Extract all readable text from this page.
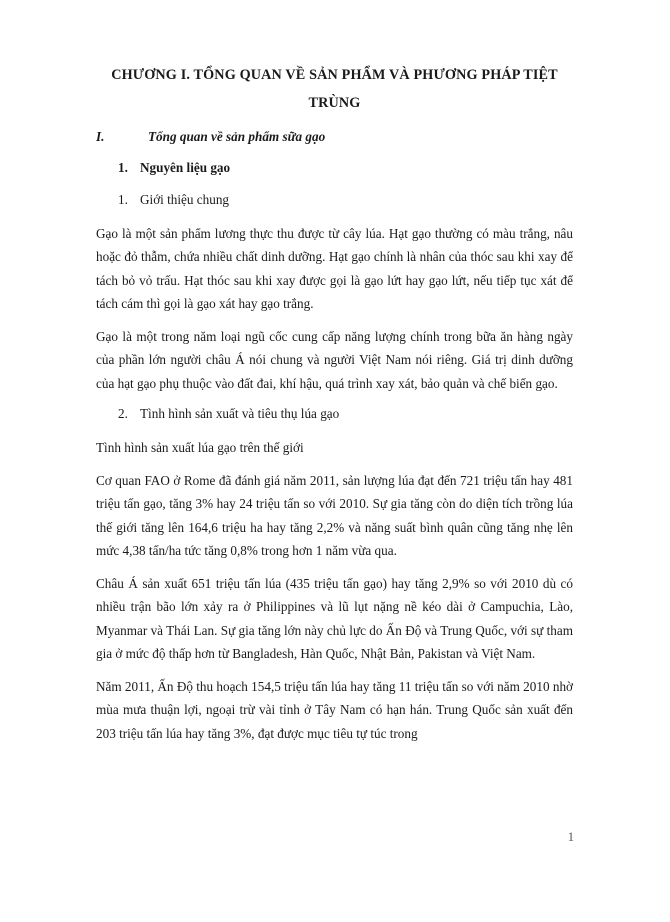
CHƯƠNG I. TỔNG QUAN VỀ SẢN PHẨM VÀ PHƯƠNG PHÁP TIỆT TRÙNG
I.	Tổng quan về sản phẩm sữa gạo
1. Nguyên liệu gạo
1. Giới thiệu chung

Gạo là một sản phẩm lương thực thu được từ cây lúa. Hạt gạo thường có màu trắng, nâu hoặc đỏ thẫm, chứa nhiều chất dinh dưỡng. Hạt gạo chính là nhân của thóc sau khi xay để tách bỏ vỏ trấu. Hạt thóc sau khi xay được gọi là gạo lứt hay gạo lứt, nếu tiếp tục xát để tách cám thì gọi là gạo xát hay gạo trắng.

Gạo là một trong năm loại ngũ cốc cung cấp năng lượng chính trong bữa ăn hàng ngày của phần lớn người châu Á nói chung và người Việt Nam nói riêng. Giá trị dinh dưỡng của hạt gạo phụ thuộc vào đất đai, khí hậu, quá trình xay xát, bảo quản và chế biến gạo.

2. Tình hình sản xuất và tiêu thụ lúa gạo

Tình hình sản xuất lúa gạo trên thế giới

Cơ quan FAO ở Rome đã đánh giá năm 2011, sản lượng lúa đạt đến 721 triệu tấn hay 481 triệu tấn gạo, tăng 3% hay 24 triệu tấn so với 2010. Sự gia tăng còn do diện tích trồng lúa thế giới tăng lên 164,6 triệu ha hay tăng 2,2% và năng suất bình quân cũng tăng nhẹ lên mức 4,38 tấn/ha tức tăng 0,8% trong hơn 1 năm vừa qua.

Châu Á sản xuất 651 triệu tấn lúa (435 triệu tấn gạo) hay tăng 2,9% so với 2010 dù có nhiều trận bão lớn xảy ra ở Philippines và lũ lụt nặng nề kéo dài ở Campuchia, Lào, Myanmar và Thái Lan. Sự gia tăng lớn này chủ lực do Ấn Độ và Trung Quốc, với sự tham gia ở mức độ thấp hơn từ Bangladesh, Hàn Quốc, Nhật Bản, Pakistan và Việt Nam.

Năm 2011, Ấn Độ thu hoạch 154,5 triệu tấn lúa hay tăng 11 triệu tấn so với năm 2010 nhờ mùa mưa thuận lợi, ngoại trừ vài tỉnh ở Tây Nam có hạn hán. Trung Quốc sản xuất đến 203 triệu tấn lúa hay tăng 3%, đạt được mục tiêu tự túc trong

1
